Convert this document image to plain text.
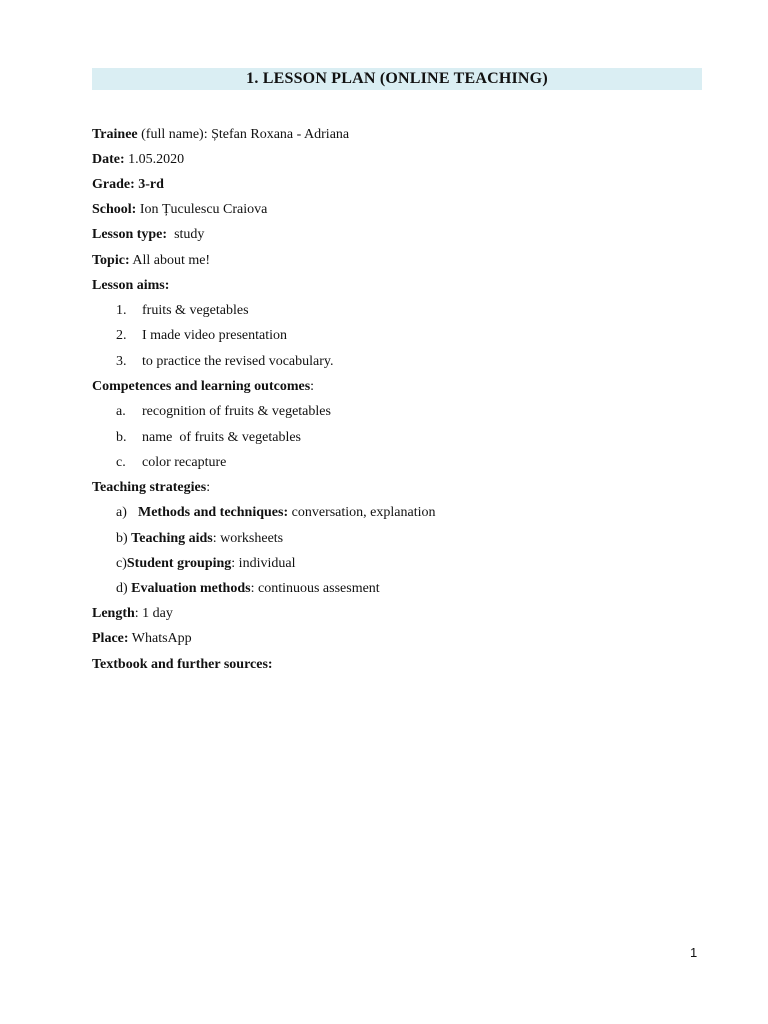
1. LESSON PLAN (ONLINE TEACHING)
Trainee (full name): Ștefan Roxana - Adriana
Date: 1.05.2020
Grade: 3-rd
School: Ion Țuculescu Craiova
Lesson type:  study
Topic: All about me!
Lesson aims:
1. fruits & vegetables
2. I made video presentation
3. to practice the revised vocabulary.
Competences and learning outcomes:
a. recognition of fruits & vegetables
b. name  of fruits & vegetables
c. color recapture
Teaching strategies:
a) Methods and techniques: conversation, explanation
b) Teaching aids: worksheets
c)Student grouping: individual
d) Evaluation methods: continuous assesment
Length: 1 day
Place: WhatsApp
Textbook and further sources:
1
